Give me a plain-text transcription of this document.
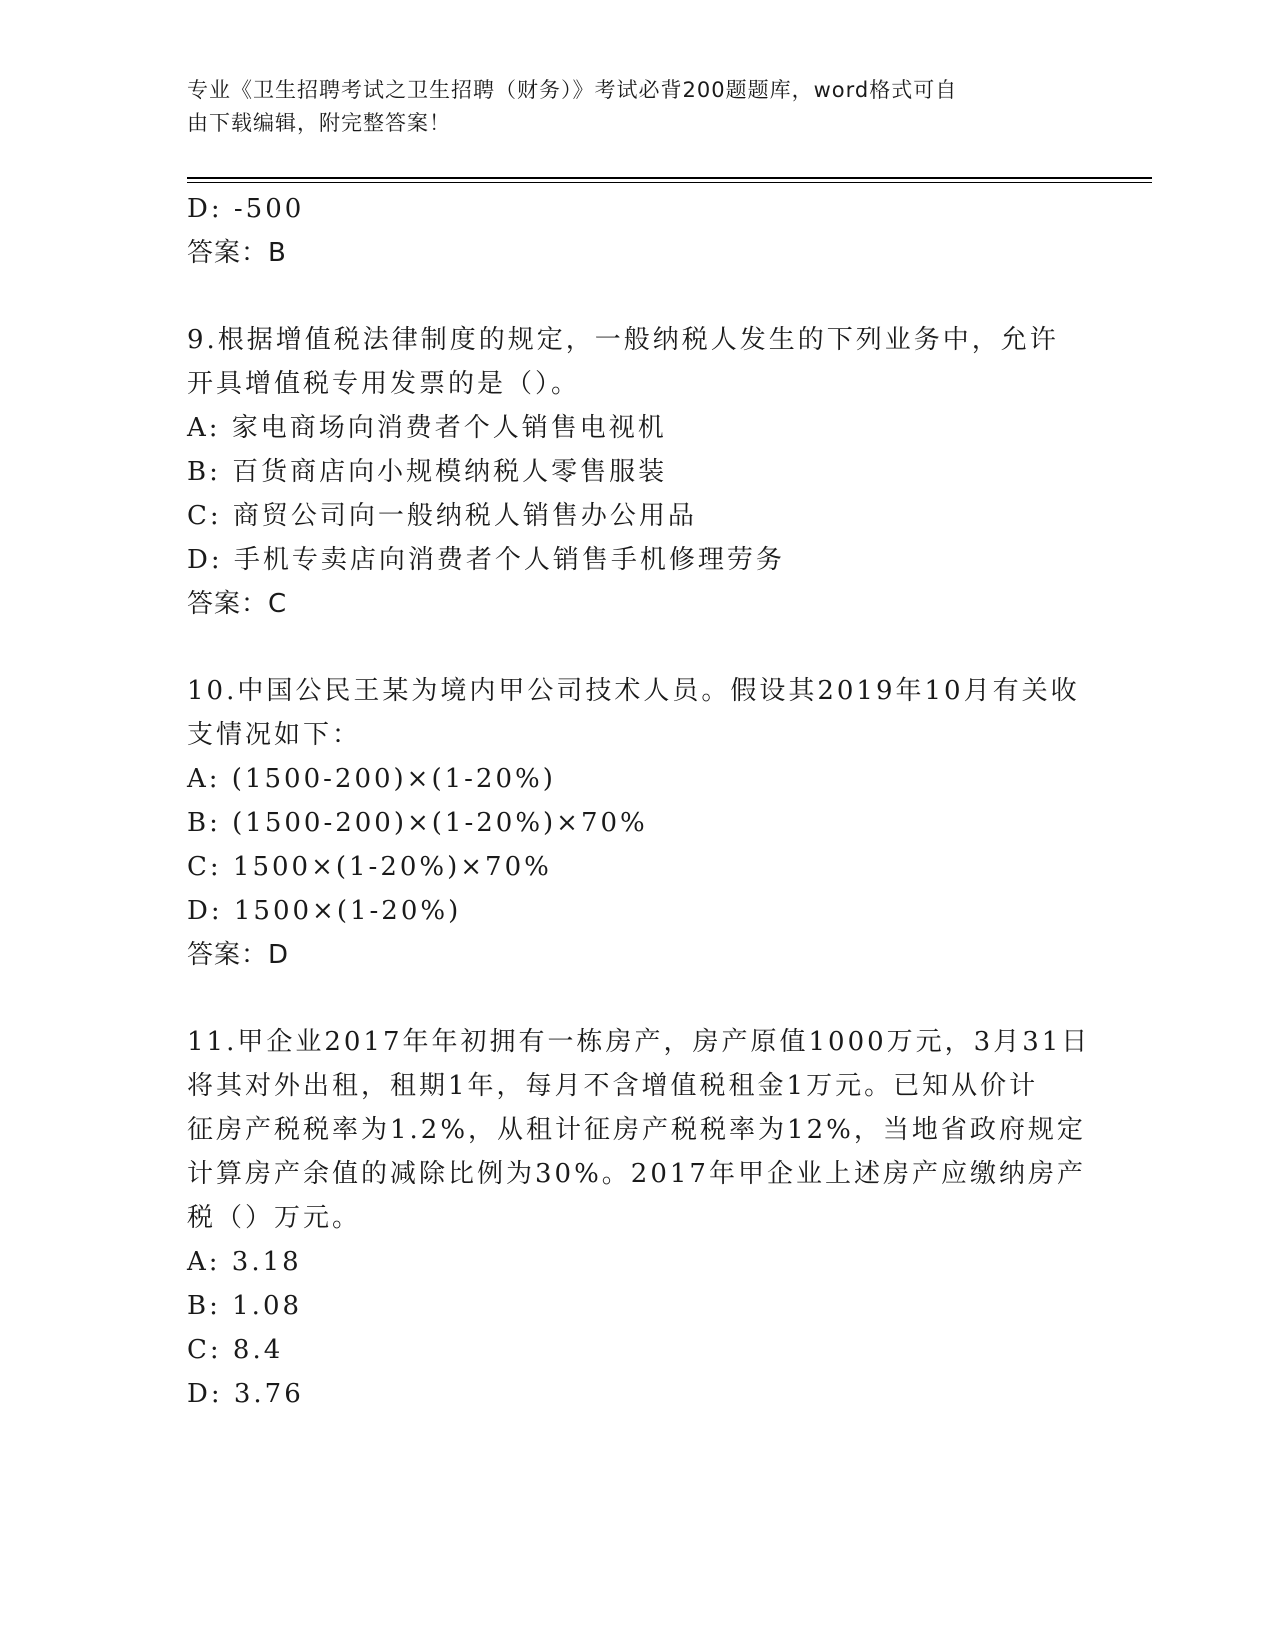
专业《卫生招聘考试之卫生招聘（财务）》考试必背200题题库，word格式可自
由下载编辑，附完整答案！
D: -500
答案：B
9.根据增值税法律制度的规定，一般纳税人发生的下列业务中，允许
开具增值税专用发票的是（）。
A: 家电商场向消费者个人销售电视机
B: 百货商店向小规模纳税人零售服装
C: 商贸公司向一般纳税人销售办公用品
D: 手机专卖店向消费者个人销售手机修理劳务
答案：C
10.中国公民王某为境内甲公司技术人员。假设其2019年10月有关收
支情况如下：
A: (1500-200)×(1-20%)
B: (1500-200)×(1-20%)×70%
C: 1500×(1-20%)×70%
D: 1500×(1-20%)
答案：D
11.甲企业2017年年初拥有一栋房产，房产原值1000万元，3月31日
将其对外出租，租期1年，每月不含增值税租金1万元。已知从价计
征房产税税率为1.2%，从租计征房产税税率为12%，当地省政府规定
计算房产余值的减除比例为30%。2017年甲企业上述房产应缴纳房产
税（）万元。
A: 3.18
B: 1.08
C: 8.4
D: 3.76
